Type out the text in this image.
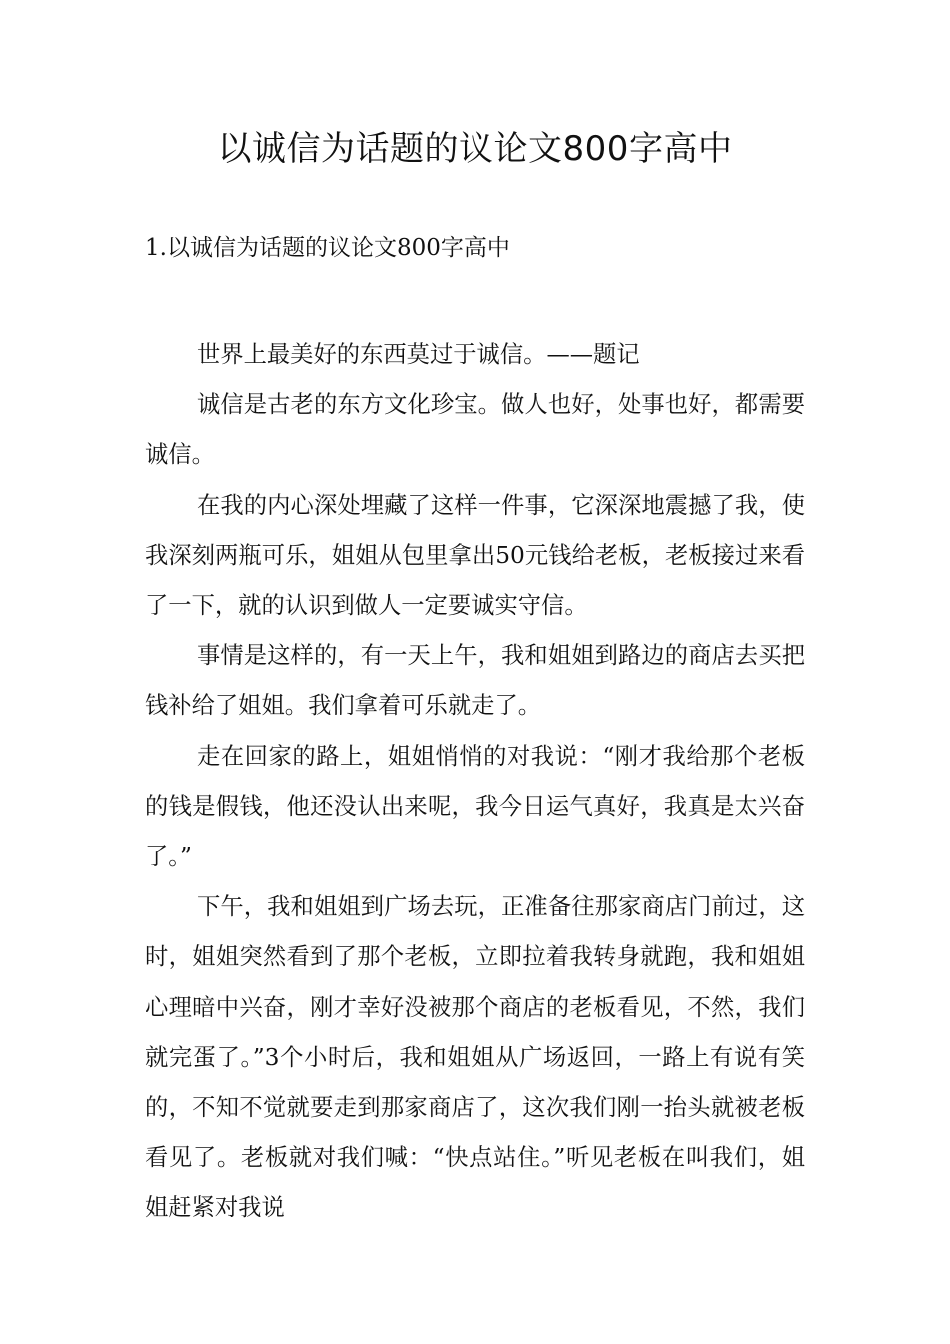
以诚信为话题的议论文800字高中
1.以诚信为话题的议论文800字高中

世界上最美好的东西莫过于诚信。——题记

诚信是古老的东方文化珍宝。做人也好，处事也好，都需要诚信。

在我的内心深处埋藏了这样一件事，它深深地震撼了我，使我深刻两瓶可乐，姐姐从包里拿出50元钱给老板，老板接过来看了一下，就的认识到做人一定要诚实守信。

事情是这样的，有一天上午，我和姐姐到路边的商店去买把钱补给了姐姐。我们拿着可乐就走了。

走在回家的路上，姐姐悄悄的对我说：“刚才我给那个老板的钱是假钱，他还没认出来呢，我今日运气真好，我真是太兴奋了。”

下午，我和姐姐到广场去玩，正准备往那家商店门前过，这时，姐姐突然看到了那个老板，立即拉着我转身就跑，我和姐姐心理暗中兴奋，刚才幸好没被那个商店的老板看见，不然，我们就完蛋了。”3个小时后，我和姐姐从广场返回，一路上有说有笑的，不知不觉就要走到那家商店了，这次我们刚一抬头就被老板看见了。老板就对我们喊：“快点站住。”听见老板在叫我们，姐姐赶紧对我说
